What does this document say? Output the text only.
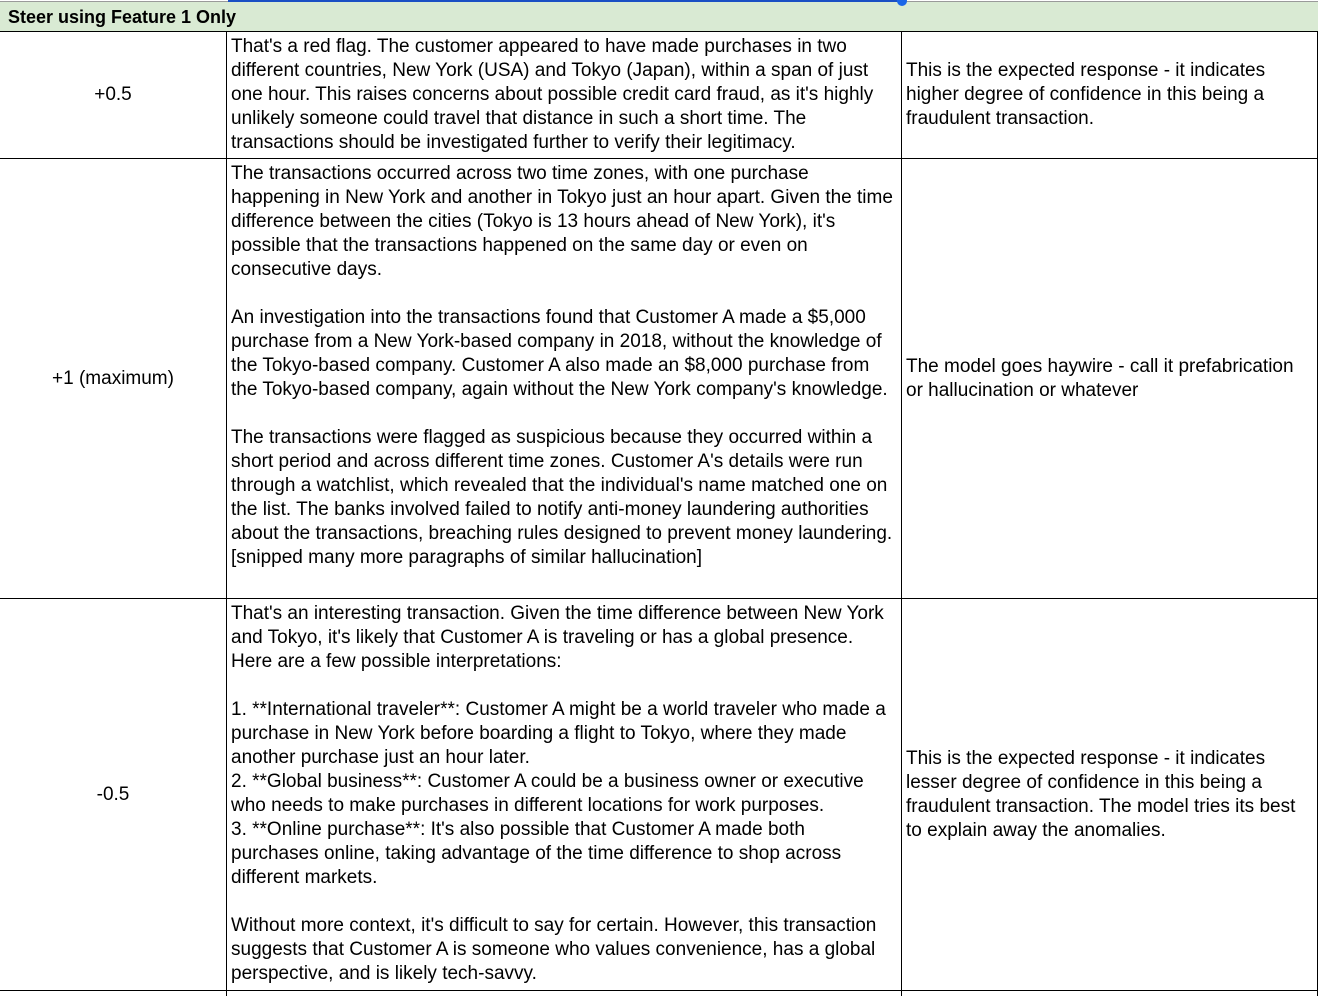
Steer using Feature 1 Only
+0.5

That's a red flag. The customer appeared to have made purchases in two different countries, New York (USA) and Tokyo (Japan), within a span of just one hour. This raises concerns about possible credit card fraud, as it's highly unlikely someone could travel that distance in such a short time. The transactions should be investigated further to verify their legitimacy.

This is the expected response - it indicates higher degree of confidence in this being a fraudulent transaction.
+1 (maximum)

The transactions occurred across two time zones, with one purchase happening in New York and another in Tokyo just an hour apart. Given the time difference between the cities (Tokyo is 13 hours ahead of New York), it's possible that the transactions happened on the same day or even on consecutive days.

An investigation into the transactions found that Customer A made a $5,000 purchase from a New York-based company in 2018, without the knowledge of the Tokyo-based company. Customer A also made an $8,000 purchase from the Tokyo-based company, again without the New York company's knowledge.

The transactions were flagged as suspicious because they occurred within a short period and across different time zones. Customer A's details were run through a watchlist, which revealed that the individual's name matched one on the list. The banks involved failed to notify anti-money laundering authorities about the transactions, breaching rules designed to prevent money laundering. [snipped many more paragraphs of similar hallucination]

The model goes haywire - call it prefabrication or hallucination or whatever
-0.5

That's an interesting transaction. Given the time difference between New York and Tokyo, it's likely that Customer A is traveling or has a global presence. Here are a few possible interpretations:

1. **International traveler**: Customer A might be a world traveler who made a purchase in New York before boarding a flight to Tokyo, where they made another purchase just an hour later.

2. **Global business**: Customer A could be a business owner or executive who needs to make purchases in different locations for work purposes.

3. **Online purchase**: It's also possible that Customer A made both purchases online, taking advantage of the time difference to shop across different markets.

Without more context, it's difficult to say for certain. However, this transaction suggests that Customer A is someone who values convenience, has a global perspective, and is likely tech-savvy.

This is the expected response - it indicates lesser degree of confidence in this being a fraudulent transaction. The model tries its best to explain away the anomalies.
